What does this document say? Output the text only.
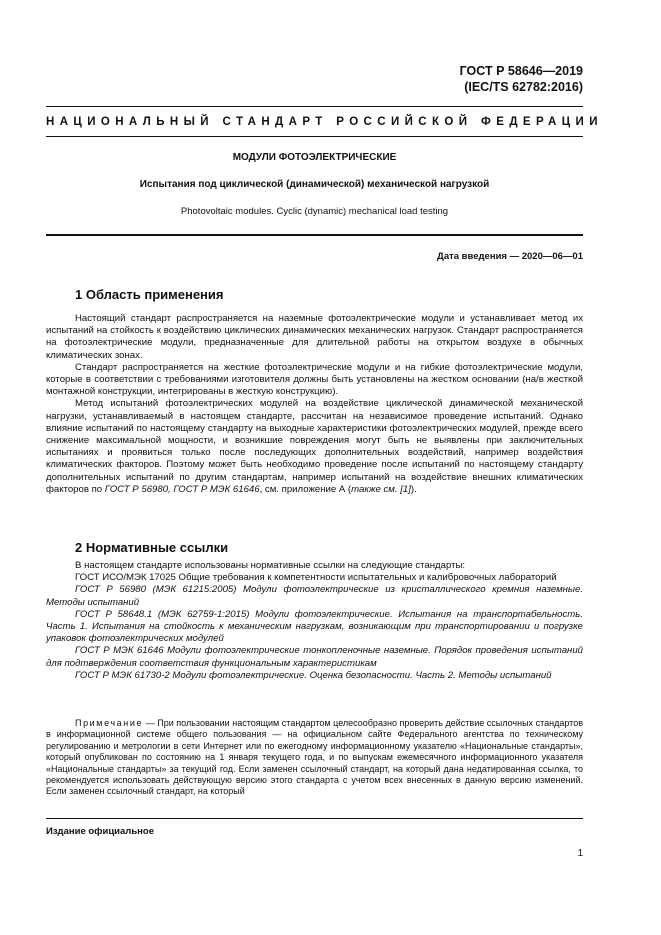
ГОСТ Р 58646—2019
(IEC/TS 62782:2016)
НАЦИОНАЛЬНЫЙ СТАНДАРТ РОССИЙСКОЙ ФЕДЕРАЦИИ
МОДУЛИ ФОТОЭЛЕКТРИЧЕСКИЕ
Испытания под циклической (динамической) механической нагрузкой
Photovoltaic modules. Cyclic (dynamic) mechanical load testing
Дата введения — 2020—06—01
1 Область применения

Настоящий стандарт распространяется на наземные фотоэлектрические модули и устанавливает метод их испытаний на стойкость к воздействию циклических динамических механических нагрузок. Стандарт распространяется на фотоэлектрические модули, предназначенные для длительной работы на открытом воздухе в обычных климатических зонах.

Стандарт распространяется на жесткие фотоэлектрические модули и на гибкие фотоэлектрические модули, которые в соответствии с требованиями изготовителя должны быть установлены на жестком основании (на/в жесткой монтажной конструкции, интегрированы в жесткую конструкцию).

Метод испытаний фотоэлектрических модулей на воздействие циклической динамической механической нагрузки, устанавливаемый в настоящем стандарте, рассчитан на независимое проведение испытаний. Однако влияние испытаний по настоящему стандарту на выходные характеристики фотоэлектрических модулей, прежде всего снижение максимальной мощности, и возникшие повреждения могут быть не выявлены при заключительных испытаниях и проявиться только после последующих дополнительных воздействий, например воздействия климатических факторов. Поэтому может быть необходимо проведение после испытаний по настоящему стандарту дополнительных испытаний по другим стандартам, например испытаний на воздействие внешних климатических факторов по ГОСТ Р 56980, ГОСТ Р МЭК 61646, см. приложение А (также см. [1]).

2 Нормативные ссылки

В настоящем стандарте использованы нормативные ссылки на следующие стандарты:

ГОСТ ИСО/МЭК 17025 Общие требования к компетентности испытательных и калибровочных лабораторий

ГОСТ Р 56980 (МЭК 61215:2005) Модули фотоэлектрические из кристаллического кремния наземные. Методы испытаний

ГОСТ Р 58648.1 (МЭК 62759-1:2015) Модули фотоэлектрические. Испытания на транспортабельность. Часть 1. Испытания на стойкость к механическим нагрузкам, возникающим при транспортировании и погрузке упаковок фотоэлектрических модулей

ГОСТ Р МЭК 61646 Модули фотоэлектрические тонкопленочные наземные. Порядок проведения испытаний для подтверждения соответствия функциональным характеристикам

ГОСТ Р МЭК 61730-2 Модули фотоэлектрические. Оценка безопасности. Часть 2. Методы испытаний

Примечание — При пользовании настоящим стандартом целесообразно проверить действие ссылочных стандартов в информационной системе общего пользования — на официальном сайте Федерального агентства по техническому регулированию и метрологии в сети Интернет или по ежегодному информационному указателю «Национальные стандарты», который опубликован по состоянию на 1 января текущего года, и по выпускам ежемесячного информационного указателя «Национальные стандарты» за текущий год. Если заменен ссылочный стандарт, на который дана недатированная ссылка, то рекомендуется использовать действующую версию этого стандарта с учетом всех внесенных в данную версию изменений. Если заменен ссылочный стандарт, на который
Издание официальное
1
